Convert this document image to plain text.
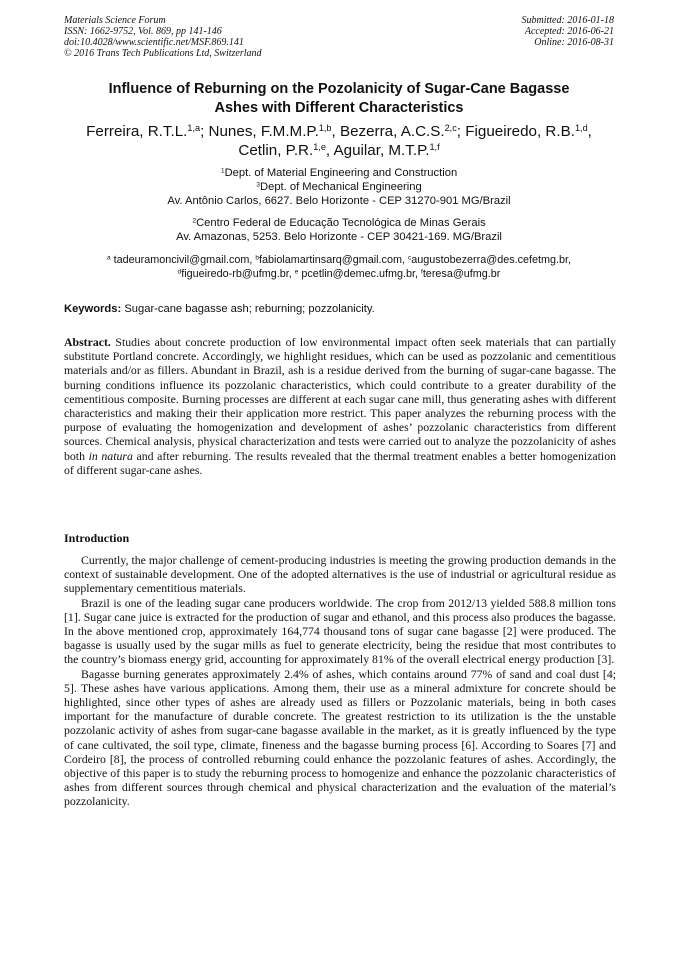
Materials Science Forum
ISSN: 1662-9752, Vol. 869, pp 141-146
doi:10.4028/www.scientific.net/MSF.869.141
© 2016 Trans Tech Publications Ltd, Switzerland
Submitted: 2016-01-18
Accepted: 2016-06-21
Online: 2016-08-31
Influence of Reburning on the Pozolanicity of Sugar-Cane Bagasse
Ashes with Different Characteristics
Ferreira, R.T.L.$^{1,a}$; Nunes, F.M.M.P.$^{1,b}$, Bezerra, A.C.S.$^{2,c}$; Figueiredo, R.B.$^{1,d}$,
Cetlin, P.R.$^{1,e}$, Aguilar, M.T.P.$^{1,f}$
$^1$Dept. of Material Engineering and Construction
$^3$Dept. of Mechanical Engineering
Av. Antônio Carlos, 6627. Belo Horizonte - CEP 31270-901 MG/Brazil
$^2$Centro Federal de Educação Tecnológica de Minas Gerais
Av. Amazonas, 5253. Belo Horizonte - CEP 30421-169. MG/Brazil
$^a$ tadeuramoncivil@gmail.com, $^b$fabiolamartinsarq@gmail.com, $^c$augustobezerra@des.cefetmg.br,
$^d$figueiredo-rb@ufmg.br, $^e$ pcetlin@demec.ufmg.br, $^f$teresa@ufmg.br
Keywords: Sugar-cane bagasse ash; reburning; pozzolanicity.
Abstract. Studies about concrete production of low environmental impact often seek materials that can partially substitute Portland concrete. Accordingly, we highlight residues, which can be used as pozzolanic and cementitious materials and/or as fillers. Abundant in Brazil, ash is a residue derived from the burning of sugar-cane bagasse. The burning conditions influence its pozzolanic characteristics, which could contribute to a greater durability of the cementitious composite. Burning processes are different at each sugar cane mill, thus generating ashes with different characteristics and making their their application more restrict. This paper analyzes the reburning process with the purpose of evaluating the homogenization and development of ashes’ pozzolanic characteristics from different sources. Chemical analysis, physical characterization and tests were carried out to analyze the pozzolanicity of ashes both in natura and after reburning. The results revealed that the thermal treatment enables a better homogenization of different sugar-cane ashes.
Introduction

Currently, the major challenge of cement-producing industries is meeting the growing production demands in the context of sustainable development. One of the adopted alternatives is the use of industrial or agricultural residue as supplementary cementitious materials.

Brazil is one of the leading sugar cane producers worldwide. The crop from 2012/13 yielded 588.8 million tons [1]. Sugar cane juice is extracted for the production of sugar and ethanol, and this process also produces the bagasse. In the above mentioned crop, approximately 164,774 thousand tons of sugar cane bagasse [2] were produced. The bagasse is usually used by the sugar mills as fuel to generate electricity, being the residue that most contributes to the country’s biomass energy grid, accounting for approximately 81% of the overall electrical energy production [3].

Bagasse burning generates approximately 2.4% of ashes, which contains around 77% of sand and coal dust [4; 5]. These ashes have various applications. Among them, their use as a mineral admixture for concrete should be highlighted, since other types of ashes are already used as fillers or Pozzolanic materials, being in both cases important for the manufacture of durable concrete. The greatest restriction to its utilization is the the unstable pozzolanic activity of ashes from sugar-cane bagasse available in the market, as it is greatly influenced by the type of cane cultivated, the soil type, climate, fineness and the bagasse burning process [6]. According to Soares [7] and Cordeiro [8], the process of controlled reburning could enhance the pozzolanic features of ashes. Accordingly, the objective of this paper is to study the reburning process to homogenize and enhance the pozzolanic characteristics of ashes from different sources through chemical and physical characterization and the evaluation of the material’s pozzolanicity.
